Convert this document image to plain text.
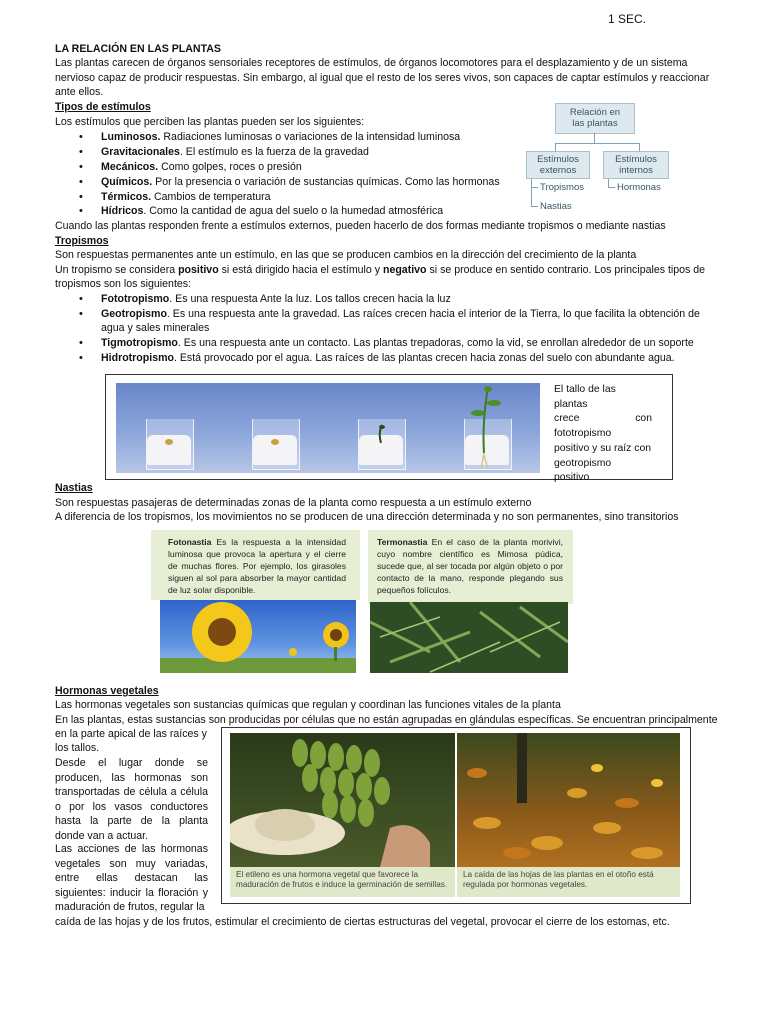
1 SEC.
LA RELACIÓN EN LAS PLANTAS
Las plantas carecen de órganos sensoriales receptores de estímulos, de órganos locomotores para el desplazamiento y de un sistema
nervioso capaz de producir respuestas. Sin embargo, al igual que el resto de los seres vivos, son capaces de captar estímulos y reaccionar
ante ellos.
Tipos de estímulos
Los estímulos que perciben las plantas pueden ser los siguientes:
• Luminosos. Radiaciones luminosas o variaciones de la intensidad luminosa
• Gravitacionales. El estímulo es la fuerza de la gravedad
• Mecánicos. Como golpes, roces o presión
• Químicos. Por la presencia o variación de sustancias químicas. Como las hormonas
• Térmicos. Cambios de temperatura
• Hídricos. Como la cantidad de agua del suelo o la humedad atmosférica
Cuando las plantas responden frente a estímulos externos, pueden hacerlo de dos formas mediante tropismos o mediante nastias
Relación en
las plantas
Estímulos
externos
Estímulos
internos
Tropismos
Nastias
Hormonas
Tropismos
Son respuestas permanentes ante un estímulo, en las que se producen cambios en la dirección del crecimiento de la planta
Un tropismo se considera positivo si está dirigido hacia el estímulo y negativo si se produce en sentido contrario. Los principales tipos de
tropismos son los siguientes:
• Fototropismo. Es una respuesta Ante la luz. Los tallos crecen hacia la luz
• Geotropismo. Es una respuesta ante la gravedad. Las raíces crecen hacia el interior de la Tierra, lo que facilita la obtención de
agua y sales minerales
• Tigmotropismo. Es una respuesta ante un contacto. Las plantas trepadoras, como la vid, se enrollan alrededor de un soporte
• Hidrotropismo. Está provocado por el agua. Las raíces de las plantas crecen hacia zonas del suelo con abundante agua.
El tallo de las plantas
crece	con
fototropismo
positivo y su raíz con
geotropismo
positivo
Nastias
Son respuestas pasajeras de determinadas zonas de la planta como respuesta a un estímulo externo
A diferencia de los tropismos, los movimientos no se producen de una dirección determinada y no son permanentes, sino transitorios
Fotonastia Es la respuesta a la intensidad luminosa que provoca la apertura y el cierre de muchas flores. Por ejemplo, los girasoles siguen al sol para absorber la mayor cantidad de luz solar disponible.
Termonastia En el caso de la planta morivivi, cuyo nombre científico es Mimosa púdica, sucede que, al ser tocada por algún objeto o por contacto de la mano, responde plegando sus pequeños folículos.
Hormonas vegetales
Las hormonas vegetales son sustancias químicas que regulan y coordinan las funciones vitales de la planta
En las plantas, estas sustancias son producidas por células que no están agrupadas en glándulas específicas. Se encuentran principalmente
en la parte apical de las raíces y
los tallos.
Desde el lugar donde se producen, las hormonas son transportadas de célula a célula o por los vasos conductores hasta la parte de la planta donde van a actuar.
Las acciones de las hormonas vegetales son muy variadas, entre ellas destacan las siguientes: inducir la floración y maduración de frutos, regular la
caída de las hojas y de los frutos, estimular el crecimiento de ciertas estructuras del vegetal, provocar el cierre de los estomas, etc.
El etileno es una hormona vegetal que favorece la maduración de frutos e induce la germinación de semillas.
La caída de las hojas de las plantas en el otoño está regulada por hormonas vegetales.
